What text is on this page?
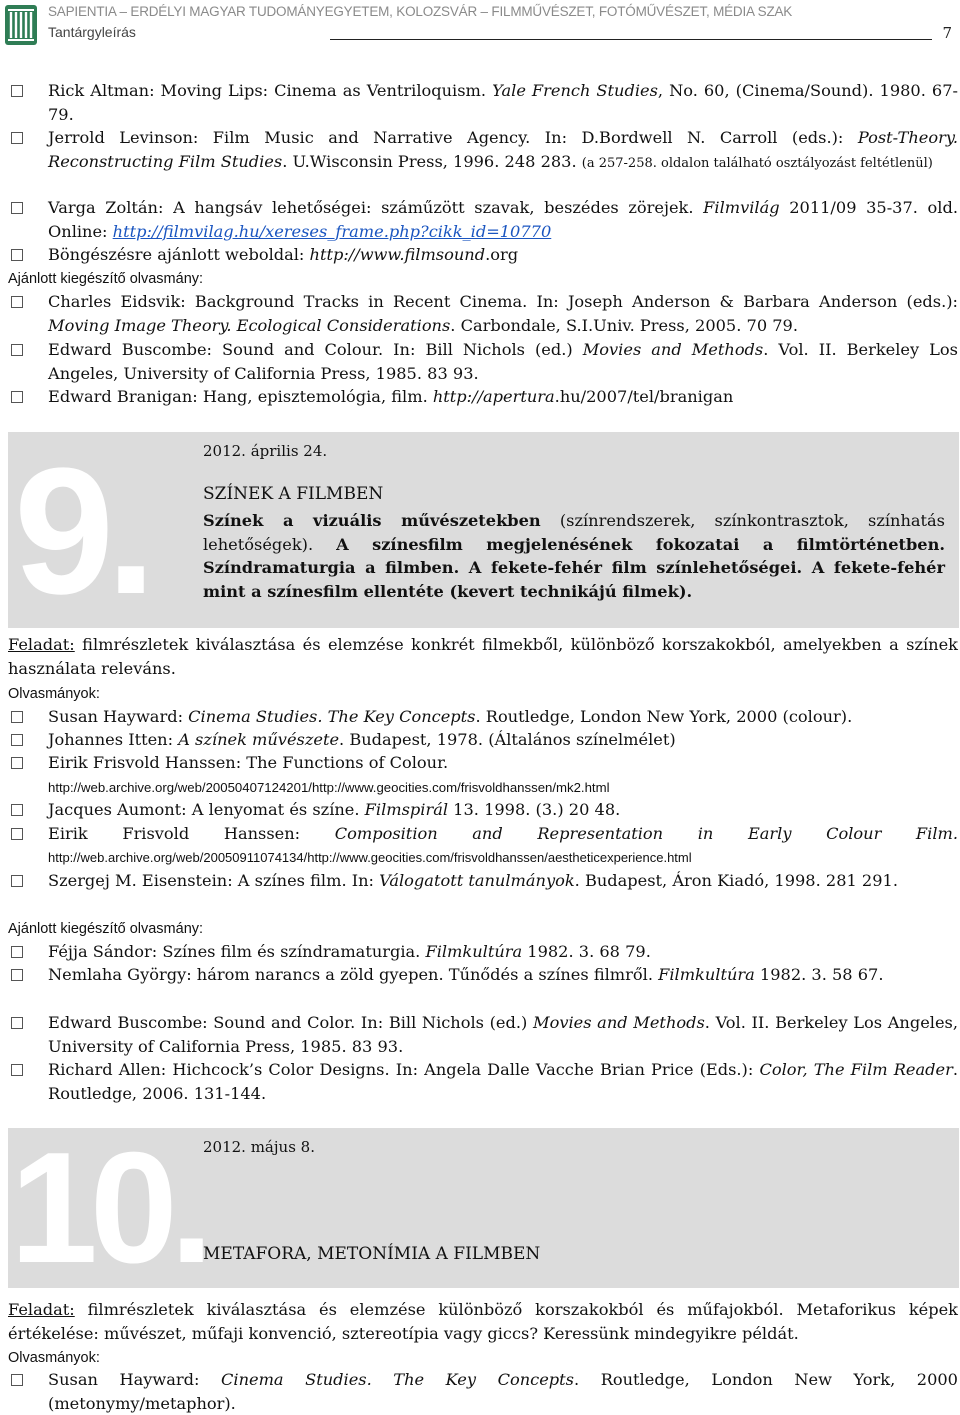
SAPIENTIA – ERDÉLYI MAGYAR TUDOMÁNYEGYETEM, KOLOZSVÁR – FILMMŰVÉSZET, FOTÓMŰVÉSZET, MÉDIA SZAK
Tantárgyleírás	7
Rick Altman: Moving Lips: Cinema as Ventriloquism. Yale French Studies, No. 60, (Cinema/Sound). 1980. 67-79.
Jerrold Levinson: Film Music and Narrative Agency. In: D.Bordwell N. Carroll (eds.): Post-Theory. Reconstructing Film Studies. U.Wisconsin Press, 1996. 248 283. (a 257-258. oldalon található osztályozást feltétlenül)
Varga Zoltán: A hangsáv lehetőségei: száműzött szavak, beszédes zörejek. Filmvilág 2011/09 35-37. old. Online: http://filmvilag.hu/xereses_frame.php?cikk_id=10770
Böngészésre ajánlott weboldal: http://www.filmsound.org
Ajánlott kiegészítő olvasmány:
Charles Eidsvik: Background Tracks in Recent Cinema. In: Joseph Anderson & Barbara Anderson (eds.): Moving Image Theory. Ecological Considerations. Carbondale, S.I.Univ. Press, 2005. 70 79.
Edward Buscombe: Sound and Colour. In: Bill Nichols (ed.) Movies and Methods. Vol. II. Berkeley Los Angeles, University of California Press, 1985. 83 93.
Edward Branigan: Hang, episztemológia, film. http://apertura.hu/2007/tel/branigan
9.	2012. április 24.
SZÍNEK A FILMBEN
Színek a vizuális művészetekben (színrendszerek, színkontrasztok, színhatás lehetőségek). A színesfilm megjelenésének fokozatai a filmtörténetben. Színdramaturgia a filmben. A fekete-fehér film színlehetőségei. A fekete-fehér mint a színesfilm ellentéte (kevert technikájú filmek).
Feladat: filmrészletek kiválasztása és elemzése konkrét filmekből, különböző korszakokból, amelyekben a színek használata releváns.
Olvasmányok:
Susan Hayward: Cinema Studies. The Key Concepts. Routledge, London New York, 2000 (colour).
Johannes Itten: A színek művészete. Budapest, 1978. (Általános színelmélet)
Eirik Frisvold Hanssen: The Functions of Colour.
http://web.archive.org/web/20050407124201/http://www.geocities.com/frisvoldhanssen/mk2.html
Jacques Aumont: A lenyomat és színe. Filmspirál 13. 1998. (3.) 20 48.
Eirik Frisvold Hanssen: Composition and Representation in Early Colour Film.
http://web.archive.org/web/20050911074134/http://www.geocities.com/frisvoldhanssen/aestheticexperience.html
Szergej M. Eisenstein: A színes film. In: Válogatott tanulmányok. Budapest, Áron Kiadó, 1998. 281 291.
Ajánlott kiegészítő olvasmány:
Féjja Sándor: Színes film és színdramaturgia. Filmkultúra 1982. 3. 68 79.
Nemlaha György: három narancs a zöld gyepen. Tűnődés a színes filmről. Filmkultúra 1982. 3. 58 67.
Edward Buscombe: Sound and Color. In: Bill Nichols (ed.) Movies and Methods. Vol. II. Berkeley Los Angeles, University of California Press, 1985. 83 93.
Richard Allen: Hichcock’s Color Designs. In: Angela Dalle Vacche Brian Price (Eds.): Color, The Film Reader. Routledge, 2006. 131-144.
10.
2012. május 8.
METAFORA, METONÍMIA A FILMBEN
Feladat: filmrészletek kiválasztása és elemzése különböző korszakokból és műfajokból. Metaforikus képek értékelése: művészet, műfaji konvenció, sztereotípia vagy giccs? Keressünk mindegyikre példát.
Olvasmányok:
Susan Hayward: Cinema Studies. The Key Concepts. Routledge, London New York, 2000 (metonymy/metaphor).
